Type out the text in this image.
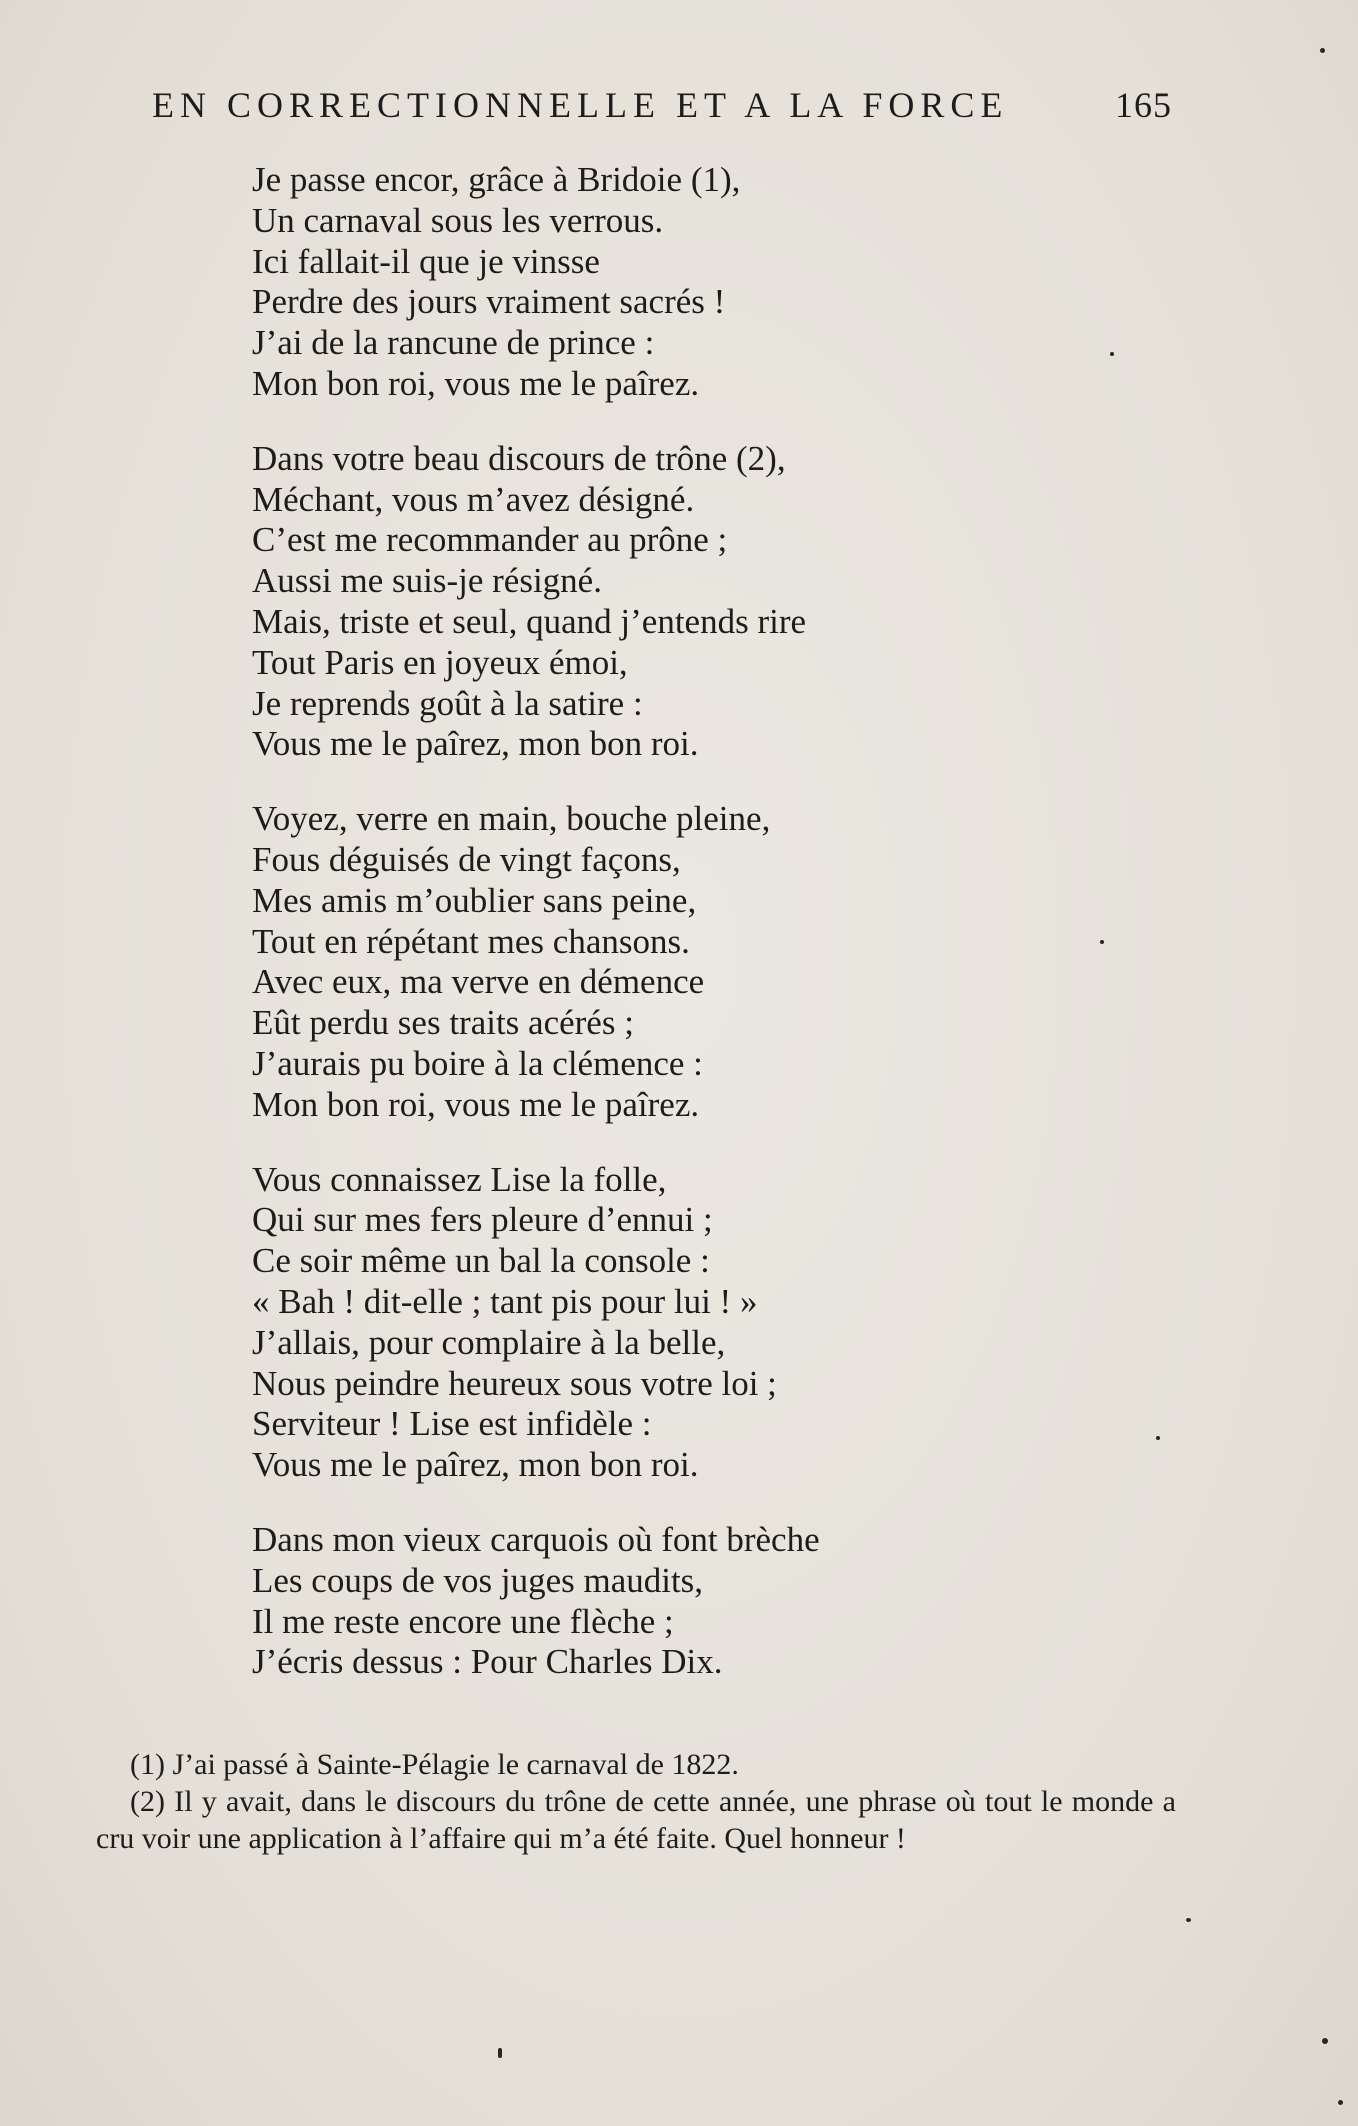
EN CORRECTIONNELLE ET A LA FORCE	165
Je passe encor, grâce à Bridoie (1),
Un carnaval sous les verrous.
Ici fallait-il que je vinsse
Perdre des jours vraiment sacrés !
J’ai de la rancune de prince :
Mon bon roi, vous me le paîrez.
Dans votre beau discours de trône (2),
Méchant, vous m’avez désigné.
C’est me recommander au prône ;
Aussi me suis-je résigné.
Mais, triste et seul, quand j’entends rire
Tout Paris en joyeux émoi,
Je reprends goût à la satire :
Vous me le paîrez, mon bon roi.
Voyez, verre en main, bouche pleine,
Fous déguisés de vingt façons,
Mes amis m’oublier sans peine,
Tout en répétant mes chansons.
Avec eux, ma verve en démence
Eût perdu ses traits acérés ;
J’aurais pu boire à la clémence :
Mon bon roi, vous me le paîrez.
Vous connaissez Lise la folle,
Qui sur mes fers pleure d’ennui ;
Ce soir même un bal la console :
« Bah ! dit-elle ; tant pis pour lui ! »
J’allais, pour complaire à la belle,
Nous peindre heureux sous votre loi ;
Serviteur ! Lise est infidèle :
Vous me le paîrez, mon bon roi.
Dans mon vieux carquois où font brèche
Les coups de vos juges maudits,
Il me reste encore une flèche ;
J’écris dessus : Pour Charles Dix.
(1) J’ai passé à Sainte-Pélagie le carnaval de 1822.
(2) Il y avait, dans le discours du trône de cette année, une phrase où tout le monde a cru voir une application à l’affaire qui m’a été faite. Quel honneur !
